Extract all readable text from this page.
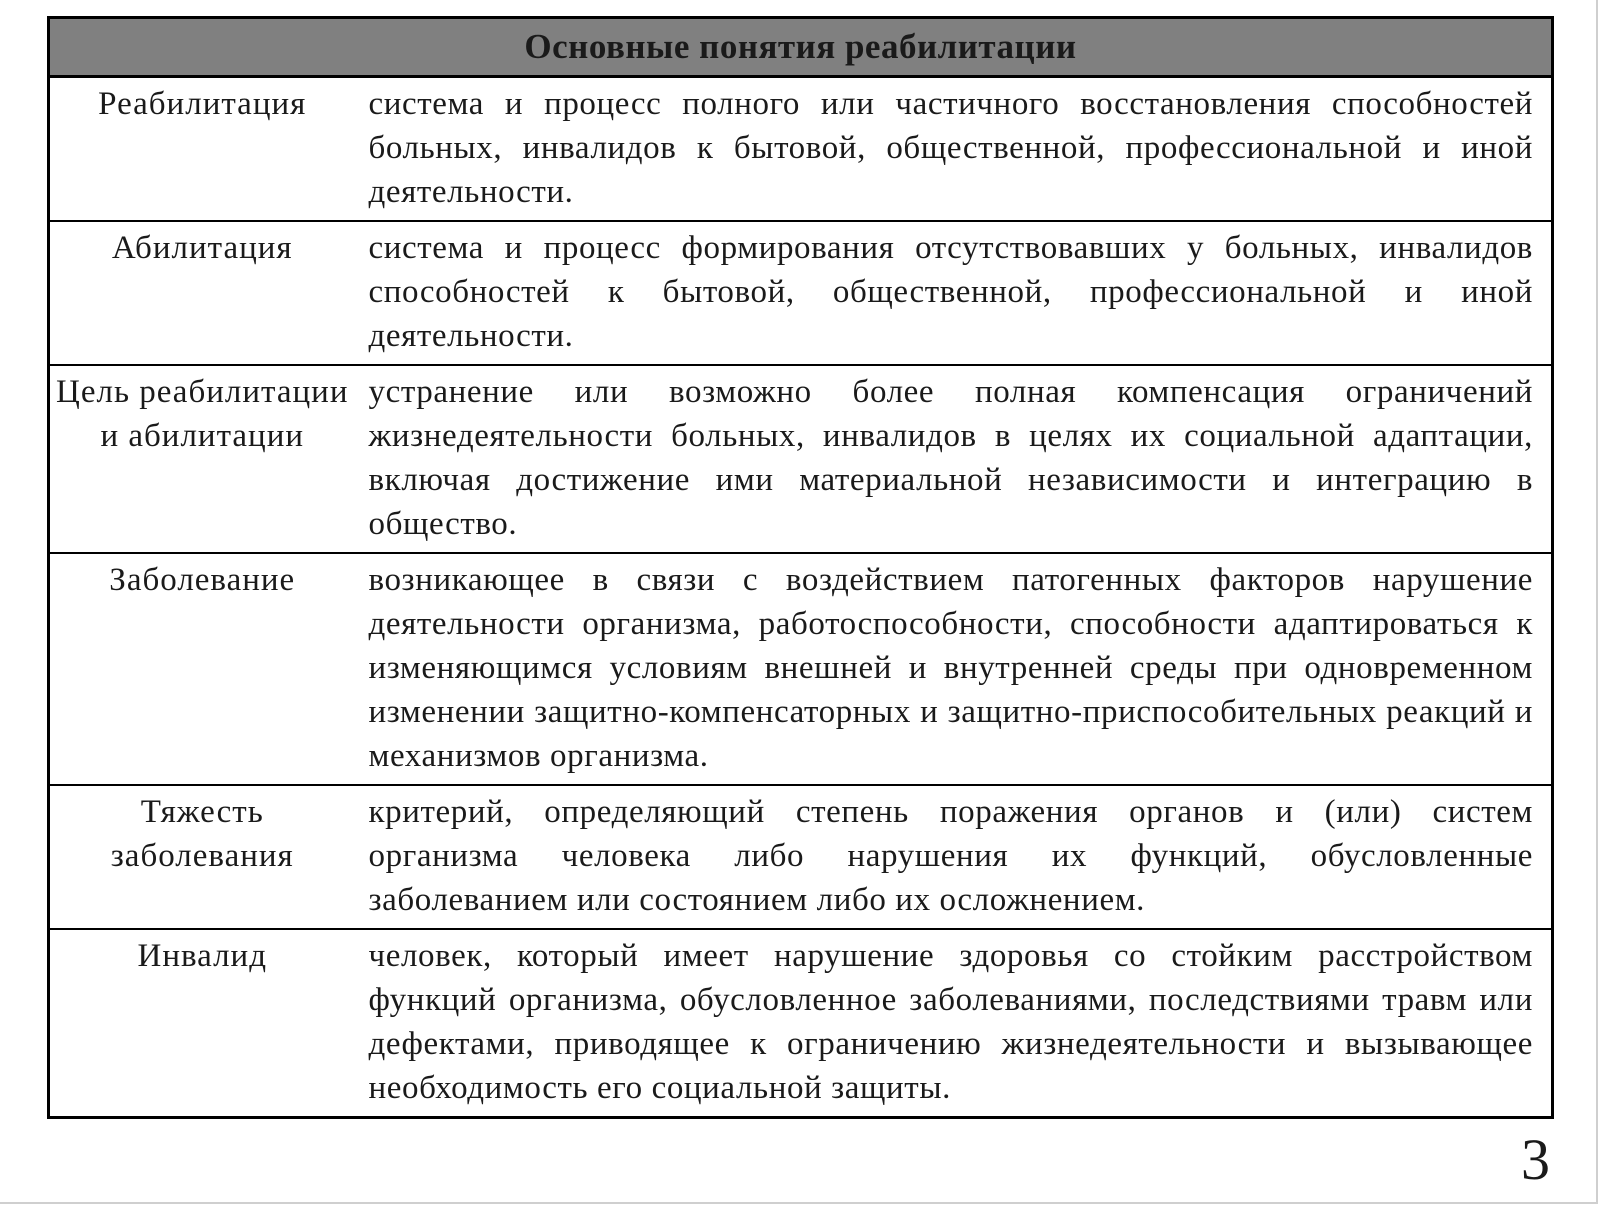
Основные понятия реабилитации	
Реабилитация	система и процесс полного или частичного восстановления способностей больных, инвалидов к бытовой, общественной, профессиональной и иной деятельности.
Абилитация	система и процесс формирования отсутствовавших у больных, инвалидов способностей к бытовой, общественной, профессиональной и иной деятельности.
Цель реабилитации и абилитации	устранение или возможно более полная компенсация ограничений жизнедеятельности больных, инвалидов в целях их социальной адаптации, включая достижение ими материальной независимости и интеграцию в общество.
Заболевание	возникающее в связи с воздействием патогенных факторов нарушение деятельности организма, работоспособности, способности адаптироваться к изменяющимся условиям внешней и внутренней среды при одновременном изменении защитно-компенсаторных и защитно-приспособительных реакций и механизмов организма.
Тяжесть заболевания	критерий, определяющий степень поражения органов и (или) систем организма человека либо нарушения их функций, обусловленные заболеванием или состоянием либо их осложнением.
Инвалид	человек, который имеет нарушение здоровья со стойким расстройством функций организма, обусловленное заболеваниями, последствиями травм или дефектами, приводящее к ограничению жизнедеятельности и вызывающее необходимость его социальной защиты.
3
